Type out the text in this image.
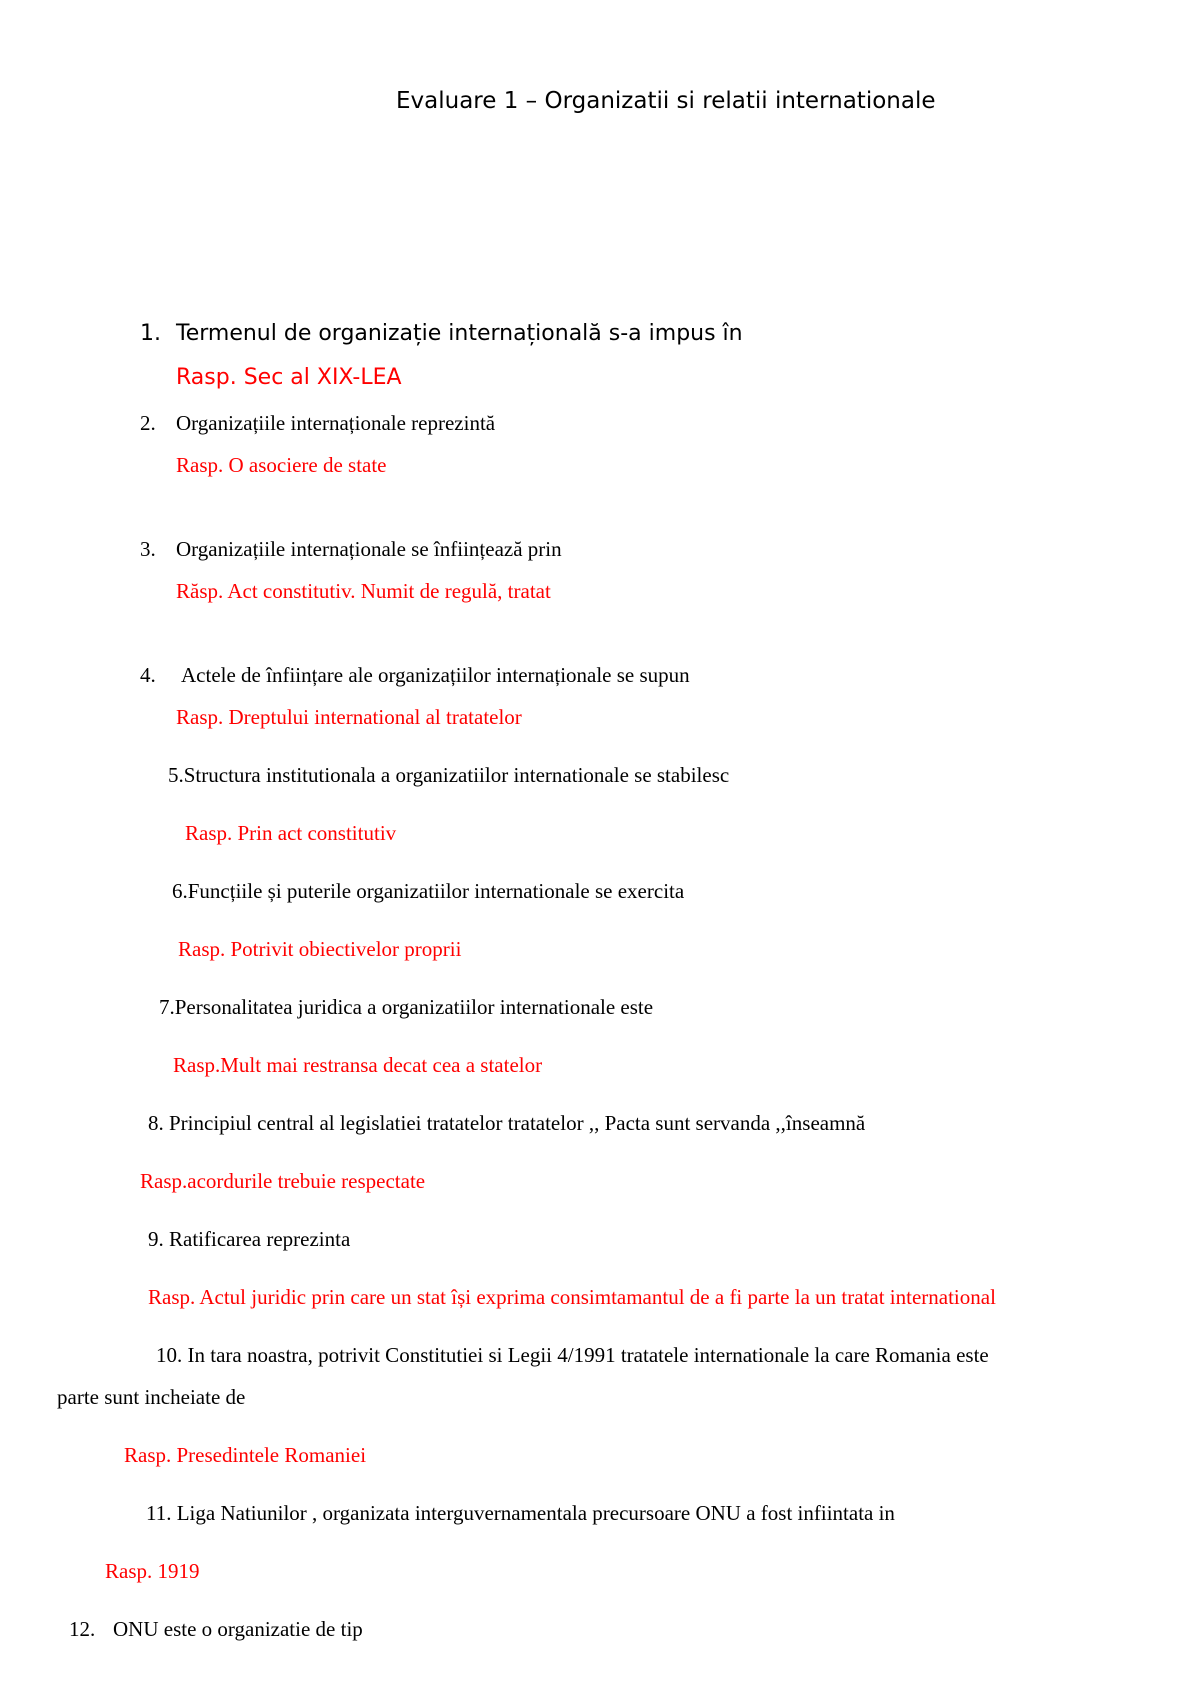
Evaluare 1 – Organizatii si relatii internationale
1. Termenul de organizație internațională s-a impus în
Rasp. Sec al XIX-LEA
2. Organizațiile internaționale reprezintă
Rasp. O asociere de state
3. Organizațiile internaționale se înființează prin
Răsp. Act constitutiv. Numit de regulă, tratat
4. Actele de înființare ale organizațiilor internaționale se supun
Rasp. Dreptului international al tratatelor
5.Structura institutionala a organizatiilor internationale se stabilesc
Rasp. Prin act constitutiv
6.Funcțiile și puterile organizatiilor internationale se exercita
Rasp. Potrivit obiectivelor proprii
7.Personalitatea juridica a organizatiilor internationale este
Rasp.Mult mai restransa decat cea a statelor
8. Principiul central al legislatiei tratatelor tratatelor ,, Pacta sunt servanda ,,înseamnă
Rasp.acordurile trebuie respectate
9. Ratificarea reprezinta
Rasp. Actul juridic prin care un stat își exprima consimtamantul de a fi parte la un tratat international
10. In tara noastra, potrivit Constitutiei si Legii 4/1991 tratatele internationale la care Romania este
parte sunt incheiate de
Rasp. Presedintele Romaniei
11. Liga Natiunilor , organizata interguvernamentala precursoare ONU a fost infiintata in
Rasp. 1919
12. ONU este o organizatie de tip
